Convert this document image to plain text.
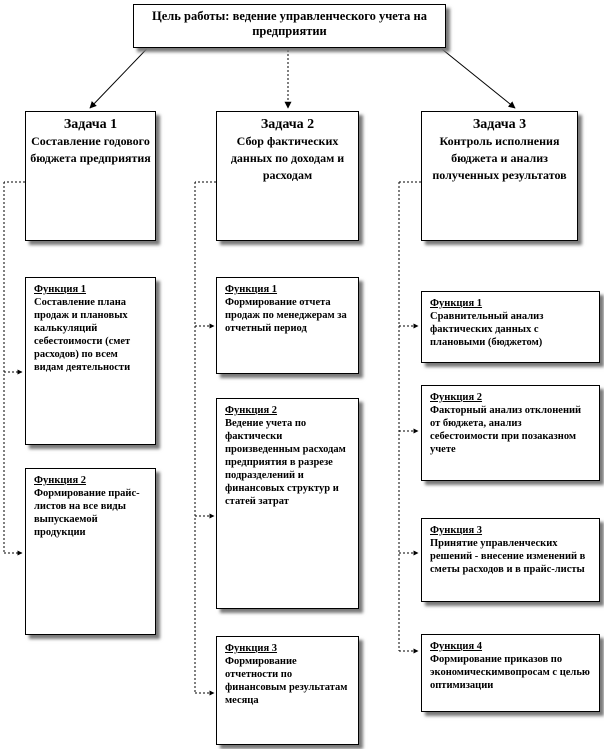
Цель работы: ведение управленческого учета на предприятии
Задача 1
Составление годового бюджета предприятия
Задача 2
Сбор фактических данных по доходам и расходам
Задача 3
Контроль исполнения бюджета и анализ полученных результатов
Функция 1
Составление плана продаж и плановых калькуляций себестоимости (смет расходов) по всем видам деятельности
Функция 2
Формирование прайс-листов на все виды выпускаемой продукции
Функция 1
Формирование отчета продаж по менеджерам за отчетный период
Функция 2
Ведение учета по фактически произведенным расходам предприятия в разрезе подразделений и финансовых структур и статей затрат
Функция 3
Формирование отчетности по финансовым результатам месяца
Функция 1
Сравнительный анализ фактических данных с плановыми (бюджетом)
Функция 2
Факторный анализ отклонений от бюджета, анализ себестоимости при позаказном учете
Функция 3
Принятие управленческих решений - внесение изменений в сметы расходов и в прайс-листы
Функция 4
Формирование приказов по экономическимвопросам с целью оптимизации
